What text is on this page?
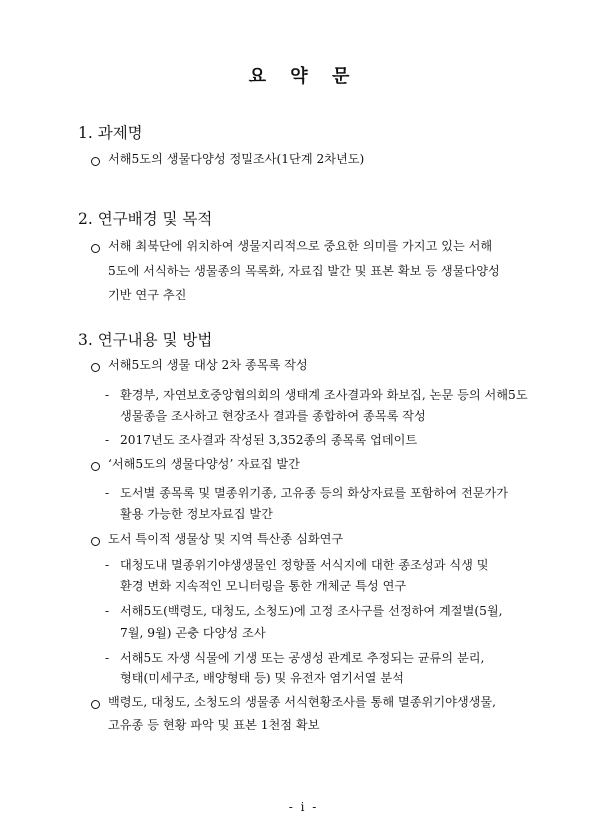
요 약 문
1. 과제명
서해5도의 생물다양성 정밀조사(1단계 2차년도)
2. 연구배경 및 목적
서해 최북단에 위치하여 생물지리적으로 중요한 의미를 가지고 있는 서해
5도에 서식하는 생물종의 목록화, 자료집 발간 및 표본 확보 등 생물다양성
기반 연구 추진
3. 연구내용 및 방법
서해5도의 생물 대상 2차 종목록 작성
- 환경부, 자연보호중앙협의회의 생태계 조사결과와 화보집, 논문 등의 서해5도
생물종을 조사하고 현장조사 결과를 종합하여 종목록 작성
- 2017년도 조사결과 작성된 3,352종의 종목록 업데이트
‘서해5도의 생물다양성’ 자료집 발간
- 도서별 종목록 및 멸종위기종, 고유종 등의 화상자료를 포함하여 전문가가
활용 가능한 정보자료집 발간
도서 특이적 생물상 및 지역 특산종 심화연구
- 대청도내 멸종위기야생생물인 정향풀 서식지에 대한 종조성과 식생 및
환경 변화 지속적인 모니터링을 통한 개체군 특성 연구
- 서해5도(백령도, 대청도, 소청도)에 고정 조사구를 선정하여 계절별(5월,
7월, 9월) 곤충 다양성 조사
- 서해5도 자생 식물에 기생 또는 공생성 관계로 추정되는 균류의 분리,
형태(미세구조, 배양형태 등) 및 유전자 염기서열 분석
백령도, 대청도, 소청도의 생물종 서식현황조사를 통해 멸종위기야생생물,
고유종 등 현황 파악 및 표본 1천점 확보
- i -
